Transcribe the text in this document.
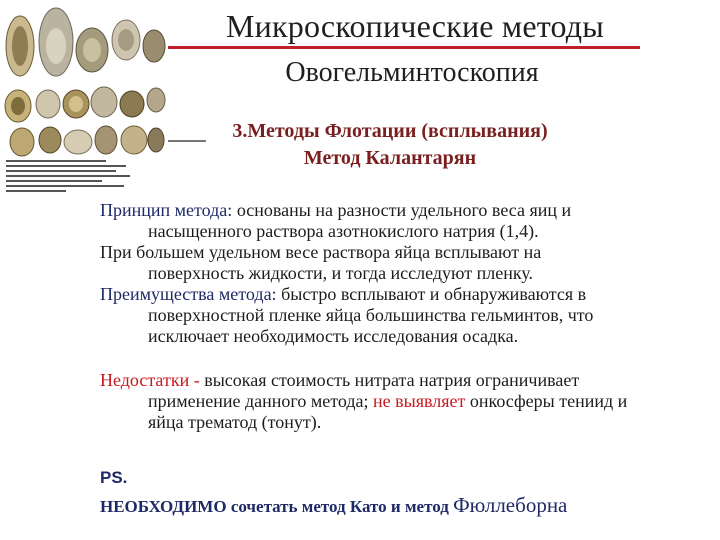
Микроскопические методы
Овогельминтоскопия
3.Методы Флотации (всплывания)
Метод Калантарян

Принцип метода: основаны на разности удельного веса яиц и
насыщенного раствора азотнокислого натрия (1,4).
При большем удельном весе раствора яйца всплывают на
поверхность жидкости, и тогда исследуют пленку.

Преимущества метода: быстро всплывают и обнаруживаются в
поверхностной пленке яйца большинства гельминтов, что
исключает необходимость исследования осадка.

Недостатки - высокая стоимость нитрата натрия ограничивает
применение данного метода; не выявляет онкосферы тениид и
яйца трематод (тонут).

PS.

НЕОБХОДИМО сочетать метод Като и метод Фюллеборна
